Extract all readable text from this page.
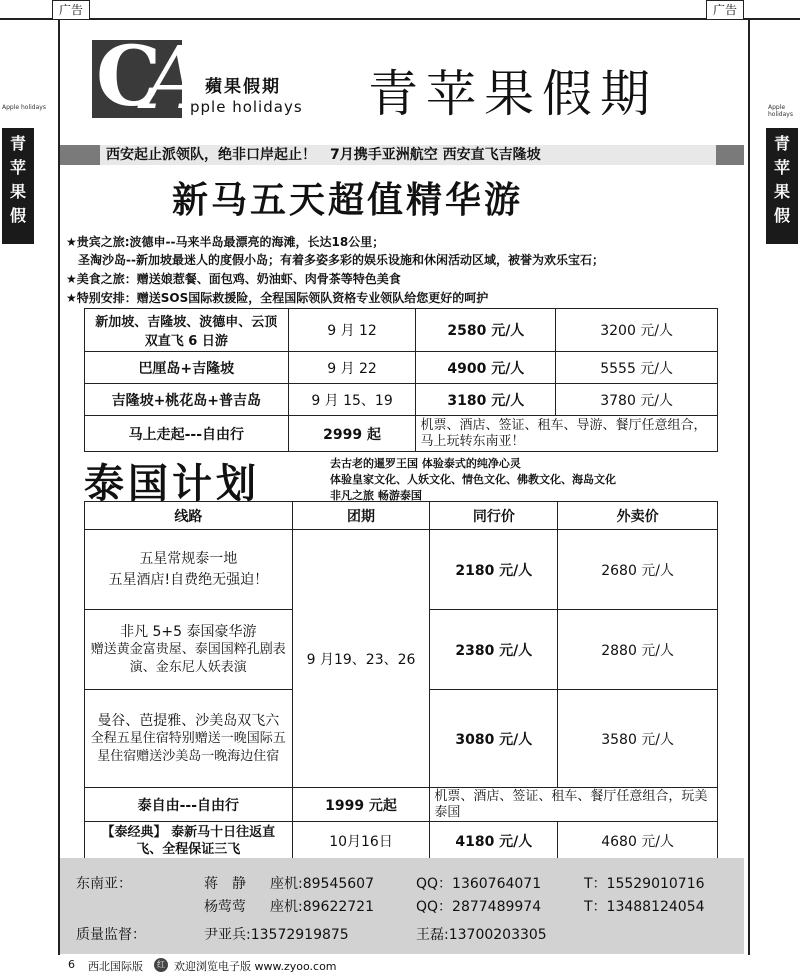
广告	广告
Apple holidays	Apple holidays
青
苹
果
假
青
苹
果
假
C
A
蘋果假期
pple holidays 青苹果假期
西安起止派领队，绝非口岸起止！　7月携手亚洲航空 西安直飞吉隆坡
新马五天超值精华游
★贵宾之旅:波德申--马来半岛最漂亮的海滩，长达18公里；
　圣淘沙岛--新加坡最迷人的度假小岛；有着多姿多彩的娱乐设施和休闲活动区域，被誉为欢乐宝石；
★美食之旅：赠送娘惹餐、面包鸡、奶油虾、肉骨茶等特色美食
★特别安排：赠送SOS国际救援险，全程国际领队资格专业领队给您更好的呵护
新加坡、吉隆坡、波德申、云顶双直飞 6 日游	9 月 12	2580 元/人	3200 元/人
巴厘岛+吉隆坡	9 月 22	4900 元/人	5555 元/人
吉隆坡+桃花岛+普吉岛	9 月 15、19	3180 元/人	3780 元/人
马上走起---自由行	2999 起	机票、酒店、签证、租车、导游、餐厅任意组合，马上玩转东南亚！	
泰国计划	去古老的暹罗王国 体验泰式的纯净心灵
体验皇家文化、人妖文化、情色文化、佛教文化、海岛文化
非凡之旅 畅游泰国
线路	团期	同行价	外卖价

五星常规泰一地
五星酒店!自费绝无强迫！	9 月19、23、26	2180 元/人	2680 元/人

非凡 5+5 泰国豪华游
赠送黄金富贵屋、泰国国粹孔剧表演、金东尼人妖表演		2380 元/人	2880 元/人

曼谷、芭提雅、沙美岛双飞六
全程五星住宿特别赠送一晚国际五星住宿赠送沙美岛一晚海边住宿		3080 元/人	3580 元/人
泰自由---自由行	1999 元起	机票、酒店、签证、租车、餐厅任意组合，玩美泰国	
【泰经典】 泰新马十日往返直飞、全程保证三飞	10月16日	4180 元/人	4680 元/人
东南亚：	蒋　静 座机:89545607	QQ：1360764071	T：15529010716
杨莺莺 座机:89622721	QQ：2877489974	T：13488124054
质量监督：	尹亚兵:13572919875	王磊:13700203305
6 西北国际版	红 欢迎浏览电子版 www.zyoo.com
